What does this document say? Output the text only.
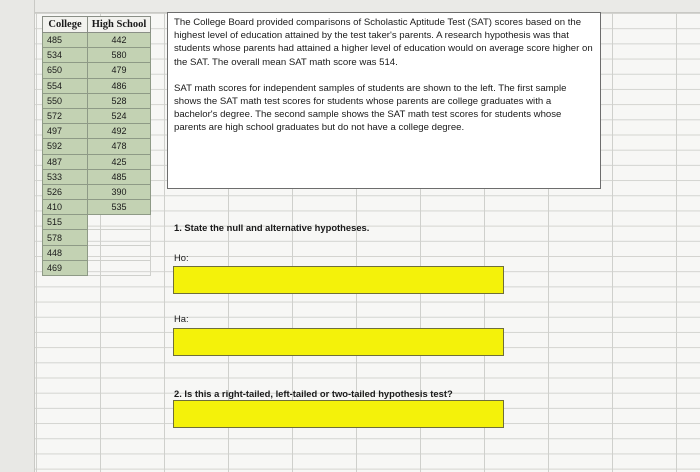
College	High School
485	442
534	580
650	479
554	486
550	528
572	524
497	492
592	478
487	425
533	485
526	390
410	535
515	
578	
448	
469	

The College Board provided comparisons of Scholastic Aptitude Test (SAT) scores based on the highest level of education attained by the test taker's parents. A research hypothesis was that students whose parents had attained a higher level of education would on average score higher on the SAT. The overall mean SAT math score was 514.

SAT math scores for independent samples of students are shown to the left. The first sample shows the SAT math test scores for students whose parents are college graduates with a bachelor's degree. The second sample shows the SAT math test scores for students whose parents are high school graduates but do not have a college degree.

1. State the null and alternative hypotheses.
Ho:
Ha:
2. Is this a right-tailed, left-tailed or two-tailed hypothesis test?
